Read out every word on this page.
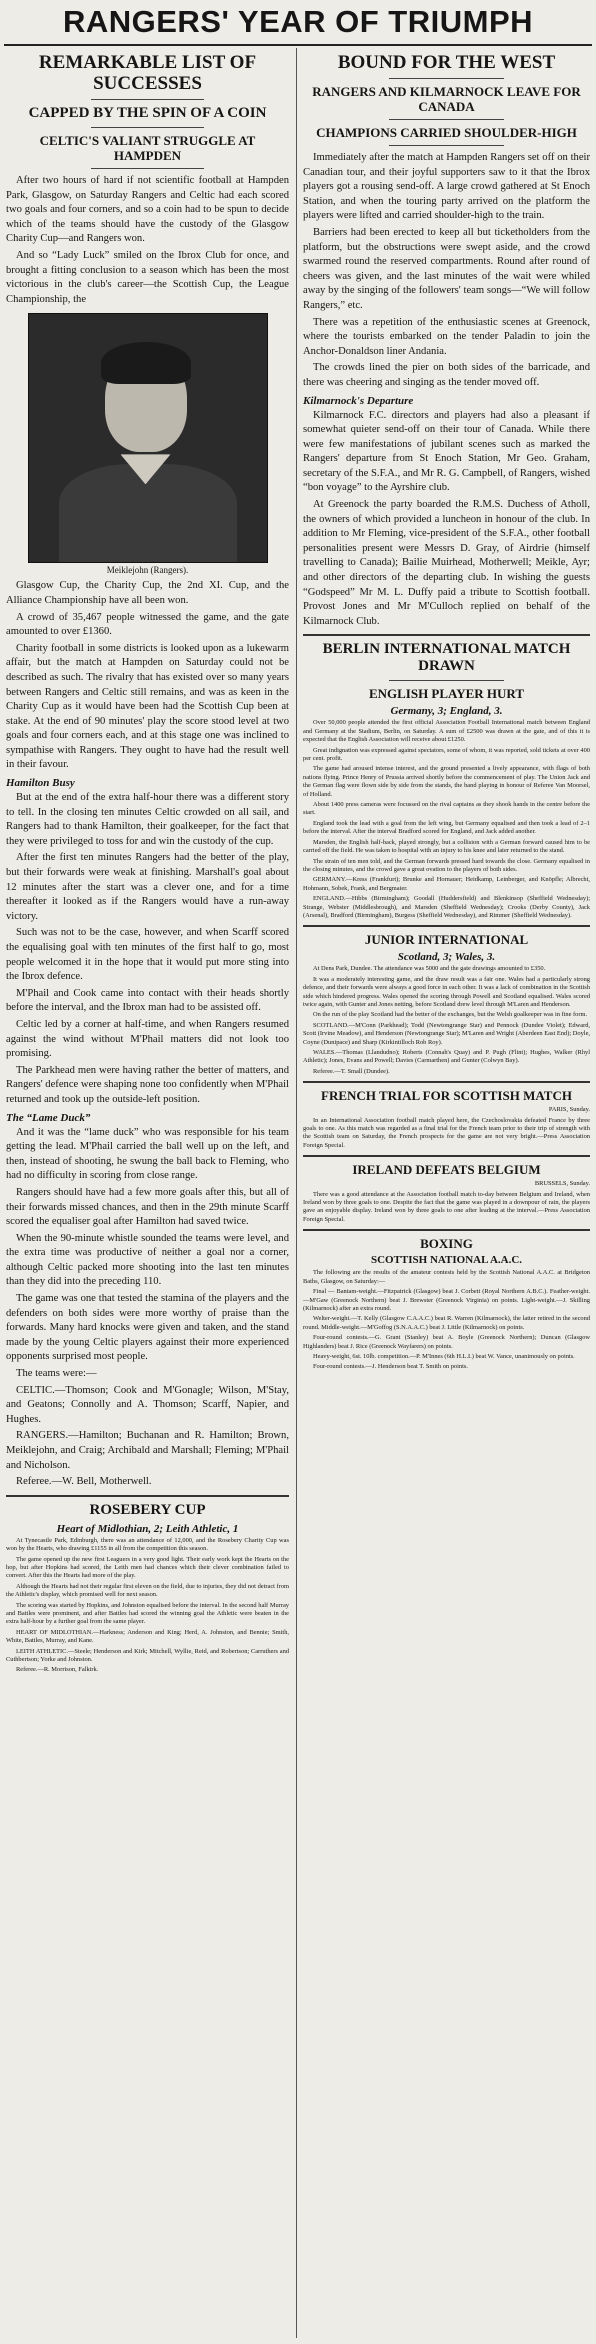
RANGERS' YEAR OF TRIUMPH
REMARKABLE LIST OF SUCCESSES
CAPPED BY THE SPIN OF A COIN
CELTIC'S VALIANT STRUGGLE AT HAMPDEN

After two hours of hard if not scientific football at Hampden Park, Glasgow, on Saturday Rangers and Celtic had each scored two goals and four corners, and so a coin had to be spun to decide which of the teams should have the custody of the Glasgow Charity Cup—and Rangers won.

And so “Lady Luck” smiled on the Ibrox Club for once, and brought a fitting conclusion to a season which has been the most victorious in the club's career—the Scottish Cup, the League Championship, the

Meiklejohn (Rangers).

Glasgow Cup, the Charity Cup, the 2nd XI. Cup, and the Alliance Championship have all been won.

A crowd of 35,467 people witnessed the game, and the gate amounted to over £1360.

Charity football in some districts is looked upon as a lukewarm affair, but the match at Hampden on Saturday could not be described as such. The rivalry that has existed over so many years between Rangers and Celtic still remains, and was as keen in the Charity Cup as it would have been had the Scottish Cup been at stake. At the end of 90 minutes' play the score stood level at two goals and four corners each, and at this stage one was inclined to sympathise with Rangers. They ought to have had the result well in their favour.

Hamilton Busy

But at the end of the extra half-hour there was a different story to tell. In the closing ten minutes Celtic crowded on all sail, and Rangers had to thank Hamilton, their goalkeeper, for the fact that they were privileged to toss for and win the custody of the cup.

After the first ten minutes Rangers had the better of the play, but their forwards were weak at finishing. Marshall's goal about 12 minutes after the start was a clever one, and for a time thereafter it looked as if the Rangers would have a run-away victory.

Such was not to be the case, however, and when Scarff scored the equalising goal with ten minutes of the first half to go, most people welcomed it in the hope that it would put more sting into the Ibrox defence.

M'Phail and Cook came into contact with their heads shortly before the interval, and the Ibrox man had to be assisted off.

Celtic led by a corner at half-time, and when Rangers resumed against the wind without M'Phail matters did not look too promising.

The Parkhead men were having rather the better of matters, and Rangers' defence were shaping none too confidently when M'Phail returned and took up the outside-left position.

The “Lame Duck”

And it was the “lame duck” who was responsible for his team getting the lead. M'Phail carried the ball well up on the left, and then, instead of shooting, he swung the ball back to Fleming, who had no difficulty in scoring from close range.

Rangers should have had a few more goals after this, but all of their forwards missed chances, and then in the 29th minute Scarff scored the equaliser goal after Hamilton had saved twice.

When the 90-minute whistle sounded the teams were level, and the extra time was productive of neither a goal nor a corner, although Celtic packed more shooting into the last ten minutes than they did into the preceding 110.

The game was one that tested the stamina of the players and the defenders on both sides were more worthy of praise than the forwards. Many hard knocks were given and taken, and the stand made by the young Celtic players against their more experienced opponents surprised most people.

The teams were:—

CELTIC.—Thomson; Cook and M'Gonagle; Wilson, M'Stay, and Geatons; Connolly and A. Thomson; Scarff, Napier, and Hughes.

RANGERS.—Hamilton; Buchanan and R. Hamilton; Brown, Meiklejohn, and Craig; Archibald and Marshall; Fleming; M'Phail and Nicholson.

Referee.—W. Bell, Motherwell.

ROSEBERY CUP
Heart of Midlothian, 2; Leith Athletic, 1

At Tynecastle Park, Edinburgh, there was an attendance of 12,000, and the Rosebery Charity Cup was won by the Hearts, who drawing £1155 in all from the competition this season.

The game opened up the new first Leaguers in a very good light. Their early work kept the Hearts on the hop, but after Hopkins had scored, the Leith men had chances which their clever combination failed to convert. After this the Hearts had more of the play.

Although the Hearts had not their regular first eleven on the field, due to injuries, they did not detract from the Athletic's display, which promised well for next season.

The scoring was started by Hopkins, and Johnston equalised before the interval. In the second half Murray and Battles were prominent, and after Battles had scored the winning goal the Athletic were beaten in the extra half-hour by a further goal from the same player.

HEART OF MIDLOTHIAN.—Harkness; Anderson and King; Herd, A. Johnston, and Bennie; Smith, White, Battles, Murray, and Kane.

LEITH ATHLETIC.—Steele; Henderson and Kirk; Mitchell, Wyllie, Reid, and Robertson; Carruthers and Cuthbertson; Yorke and Johnston.

Referee.—R. Morrison, Falkirk.

BOUND FOR THE WEST
RANGERS AND KILMARNOCK LEAVE FOR CANADA
CHAMPIONS CARRIED SHOULDER-HIGH

Immediately after the match at Hampden Rangers set off on their Canadian tour, and their joyful supporters saw to it that the Ibrox players got a rousing send-off. A large crowd gathered at St Enoch Station, and when the touring party arrived on the platform the players were lifted and carried shoulder-high to the train.

Barriers had been erected to keep all but ticketholders from the platform, but the obstructions were swept aside, and the crowd swarmed round the reserved compartments. Round after round of cheers was given, and the last minutes of the wait were whiled away by the singing of the followers' team songs—“We will follow Rangers,” etc.

There was a repetition of the enthusiastic scenes at Greenock, where the tourists embarked on the tender Paladin to join the Anchor-Donaldson liner Andania.

The crowds lined the pier on both sides of the barricade, and there was cheering and singing as the tender moved off.

Kilmarnock's Departure

Kilmarnock F.C. directors and players had also a pleasant if somewhat quieter send-off on their tour of Canada. While there were few manifestations of jubilant scenes such as marked the Rangers' departure from St Enoch Station, Mr Geo. Graham, secretary of the S.F.A., and Mr R. G. Campbell, of Rangers, wished “bon voyage” to the Ayrshire club.

At Greenock the party boarded the R.M.S. Duchess of Atholl, the owners of which provided a luncheon in honour of the club. In addition to Mr Fleming, vice-president of the S.F.A., other football personalities present were Messrs D. Gray, of Airdrie (himself travelling to Canada); Bailie Muirhead, Motherwell; Meikle, Ayr; and other directors of the departing club. In wishing the guests “Godspeed” Mr M. L. Duffy paid a tribute to Scottish football. Provost Jones and Mr M'Culloch replied on behalf of the Kilmarnock Club.

BERLIN INTERNATIONAL MATCH DRAWN
ENGLISH PLAYER HURT
Germany, 3; England, 3.

Over 50,000 people attended the first official Association Football International match between England and Germany at the Stadium, Berlin, on Saturday. A sum of £2500 was drawn at the gate, and of this it is expected that the English Association will receive about £1250.

Great indignation was expressed against spectators, some of whom, it was reported, sold tickets at over 400 per cent. profit.

The game had aroused intense interest, and the ground presented a lively appearance, with flags of both nations flying. Prince Henry of Prussia arrived shortly before the commencement of play. The Union Jack and the German flag were flown side by side from the stands, the band playing in honour of Referee Van Moorsel, of Holland.

About 1400 press cameras were focussed on the rival captains as they shook hands in the centre before the start.

England took the lead with a goal from the left wing, but Germany equalised and then took a lead of 2–1 before the interval. After the interval Bradford scored for England, and Jack added another.

Marsden, the English half-back, played strongly, but a collision with a German forward caused him to be carried off the field. He was taken to hospital with an injury to his knee and later returned to the stand.

The strain of ten men told, and the German forwards pressed hard towards the close. Germany equalised in the closing minutes, and the crowd gave a great ovation to the players of both sides.

GERMANY.—Kress (Frankfurt); Brunke and Hornauer; Heidkamp, Leinberger, and Knöpfle; Albrecht, Hohmann, Sobek, Frank, and Bergmaier.

ENGLAND.—Hibbs (Birmingham); Goodall (Huddersfield) and Blenkinsop (Sheffield Wednesday); Strange, Webster (Middlesbrough), and Marsden (Sheffield Wednesday); Crooks (Derby County), Jack (Arsenal), Bradford (Birmingham), Burgess (Sheffield Wednesday), and Rimmer (Sheffield Wednesday).

JUNIOR INTERNATIONAL
Scotland, 3; Wales, 3.

At Dens Park, Dundee. The attendance was 5000 and the gate drawings amounted to £350.

It was a moderately interesting game, and the draw result was a fair one. Wales had a particularly strong defence, and their forwards were always a good force in each other. It was a lack of combination in the Scottish side which hindered progress. Wales opened the scoring through Powell and Scotland equalised. Wales scored twice again, with Gunter and Jones netting, before Scotland drew level through M'Laren and Henderson.

On the run of the play Scotland had the better of the exchanges, but the Welsh goalkeeper was in fine form.

SCOTLAND.—M'Conn (Parkhead); Todd (Newtongrange Star) and Pennock (Dundee Violet); Edward, Scott (Irvine Meadow), and Henderson (Newtongrange Star); M'Laren and Wright (Aberdeen East End); Doyle, Coyne (Dunipace) and Sharp (Kirkintilloch Rob Roy).

WALES.—Thomas (Llandudno); Roberts (Connah's Quay) and P. Pugh (Flint); Hughes, Walker (Rhyl Athletic); Jones, Evans and Powell; Davies (Carmarthen) and Gunter (Colwyn Bay).

Referee.—T. Small (Dundee).

FRENCH TRIAL FOR SCOTTISH MATCH

PARIS, Sunday.

In an International Association football match played here, the Czechoslovakia defeated France by three goals to one. As this match was regarded as a final trial for the French team prior to their trip of strength with the Scottish team on Saturday, the French prospects for the game are not very bright.—Press Association Foreign Special.

IRELAND DEFEATS BELGIUM

BRUSSELS, Sunday.

There was a good attendance at the Association football match to-day between Belgium and Ireland, when Ireland won by three goals to one. Despite the fact that the game was played in a downpour of rain, the players gave an enjoyable display. Ireland won by three goals to one after leading at the interval.—Press Association Foreign Special.

BOXING
SCOTTISH NATIONAL A.A.C.

The following are the results of the amateur contests held by the Scottish National A.A.C. at Bridgeton Baths, Glasgow, on Saturday:—

Final — Bantam-weight.—Fitzpatrick (Glasgow) beat J. Corbett (Royal Northern A.B.C.). Feather-weight.—M'Gaw (Greenock Northern) beat J. Brewster (Greenock Virginia) on points. Light-weight.—J. Skilling (Kilmarnock) after an extra round.

Welter-weight.—T. Kelly (Glasgow C.A.A.C.) beat R. Warren (Kilmarnock), the latter retired in the second round. Middle-weight.—M'Goffog (S.N.A.A.C.) beat J. Little (Kilmarnock) on points.

Four-round contests.—G. Grant (Stanley) beat A. Boyle (Greenock Northern); Duncan (Glasgow Highlanders) beat J. Rice (Greenock Wayfarers) on points.

Heavy-weight, 6st. 10lb. competition.—P. M'Innes (6th H.L.I.) beat W. Vance, unanimously on points.

Four-round contests.—J. Henderson beat T. Smith on points.
